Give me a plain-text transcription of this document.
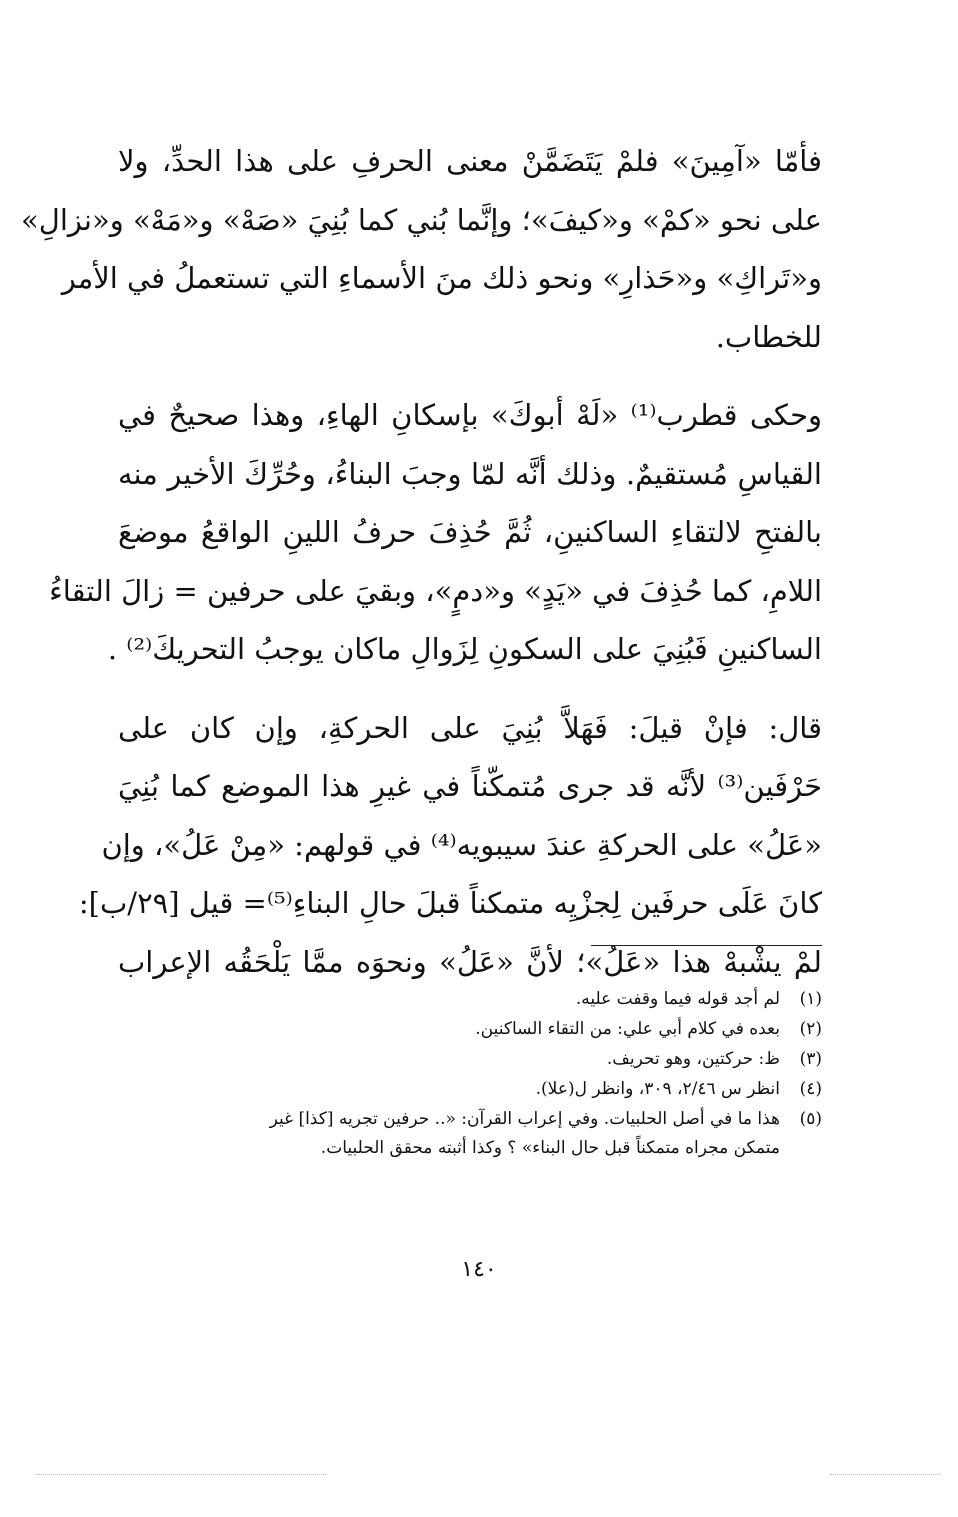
فأمّا «آمِينَ» فلمْ يَتَضَمَّنْ معنى الحرفِ على هذا الحدِّ، ولا
على نحو «كمْ» و«كيفَ»؛ وإنَّما بُني كما بُنِيَ «صَهْ» و«مَهْ» و«نزالِ»
و«تَراكِ» و«حَذارِ» ونحو ذلك منَ الأسماءِ التي تستعملُ في الأمر
للخطاب.
وحكى قطرب⁽¹⁾ «لَهْ أبوكَ» بإسكانِ الهاءِ، وهذا صحيحٌ في
القياسِ مُستقيمٌ. وذلك أنَّه لمّا وجبَ البناءُ، وحُرِّكَ الأخير منه
بالفتحِ لالتقاءِ الساكنينِ، ثُمَّ حُذِفَ حرفُ اللينِ الواقعُ موضعَ
اللامِ، كما حُذِفَ في «يَدٍ» و«دمٍ»، وبقيَ على حرفين = زالَ التقاءُ
الساكنينِ فَبُنِيَ على السكونِ لِزَوالِ ماكان يوجبُ التحريكَ⁽²⁾ .
قال: فإنْ قيلَ: فَهَلاَّ بُنِيَ على الحركةِ، وإن كان على
حَرْفَين⁽³⁾ لأنَّه قد جرى مُتمكّناً في غيرِ هذا الموضع كما بُنِيَ
«عَلُ» على الحركةِ عندَ سيبويه⁽⁴⁾ في قولهم: «مِنْ عَلُ»، وإن
كانَ عَلَى حرفَين لِجزْيِه متمكناً قبلَ حالِ البناءِ⁽⁵⁾= قيل [٢٩/ب]:
لمْ يشْبهْ هذا «عَلُ»؛ لأنَّ «عَلُ» ونحوَه ممَّا يَلْحَقُه الإعراب
(١)
لم أجد قوله فيما وقفت عليه.
(٢)
بعده في كلام أبي علي: من التقاء الساكنين.
(٣)
ظ: حركتين، وهو تحريف.
(٤)
انظر س ٢/٤٦، ٣٠٩، وانظر ل(علا).
(٥)
هذا ما في أصل الحلبيات. وفي إعراب القرآن: «.. حرفين تجريه [كذا] غير
متمكن مجراه متمكناً قبل حال البناء» ؟ وكذا أثبته محقق الحلبيات.
١٤٠
